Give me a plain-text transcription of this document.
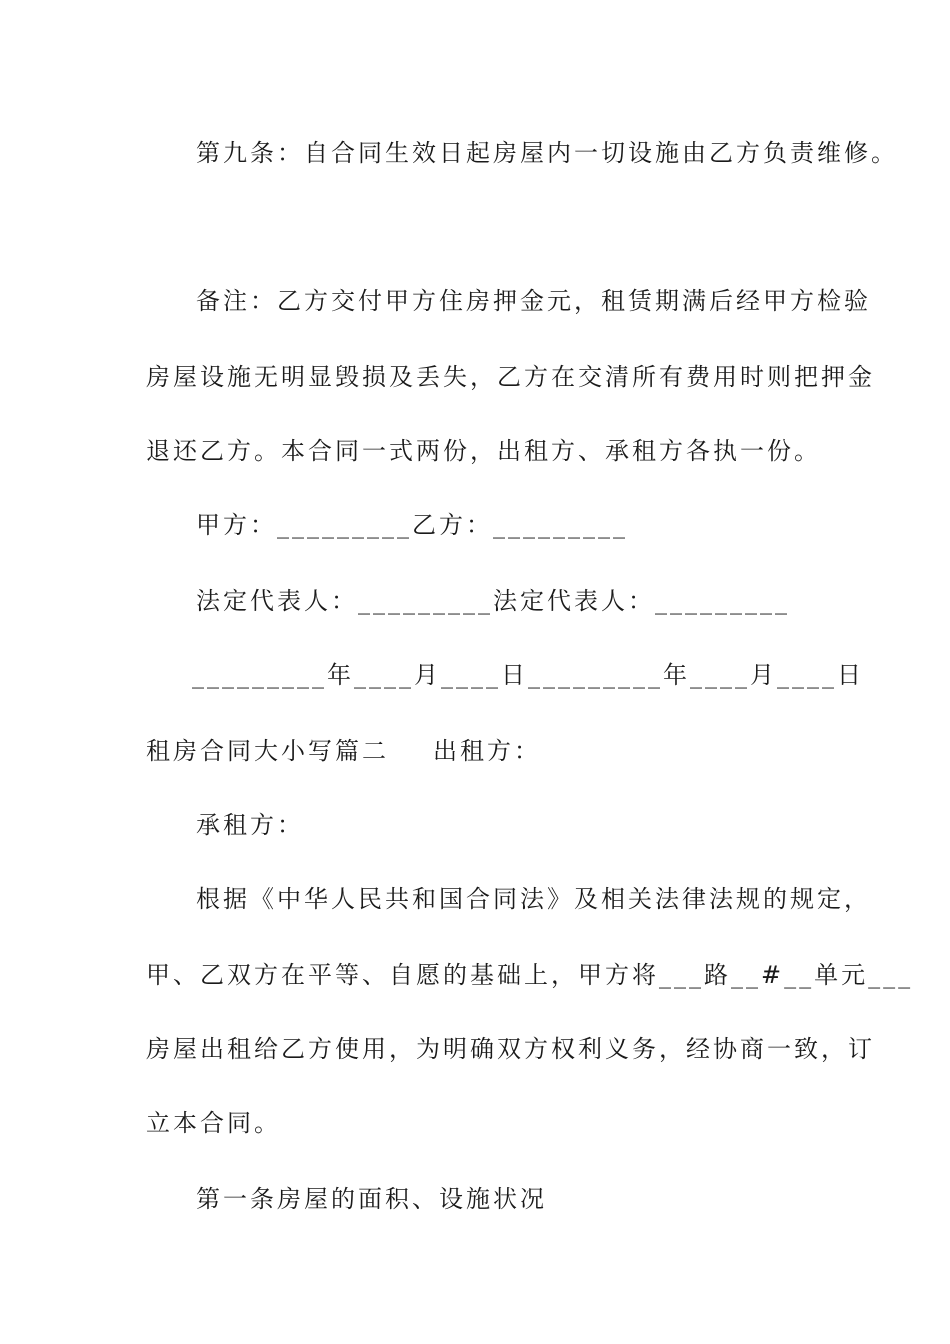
第九条：自合同生效日起房屋内一切设施由乙方负责维修。
备注：乙方交付甲方住房押金元，租赁期满后经甲方检验
房屋设施无明显毁损及丢失，乙方在交清所有费用时则把押金
退还乙方。本合同一式两份，出租方、承租方各执一份。
甲方：_________乙方：_________
法定代表人：_________法定代表人：_________
_________年____月____日_________年____月____日
租房合同大小写篇二 出租方：
承租方：
根据《中华人民共和国合同法》及相关法律法规的规定，
甲、乙双方在平等、自愿的基础上，甲方将___路__#__单元___
房屋出租给乙方使用，为明确双方权利义务，经协商一致，订
立本合同。
第一条房屋的面积、设施状况
